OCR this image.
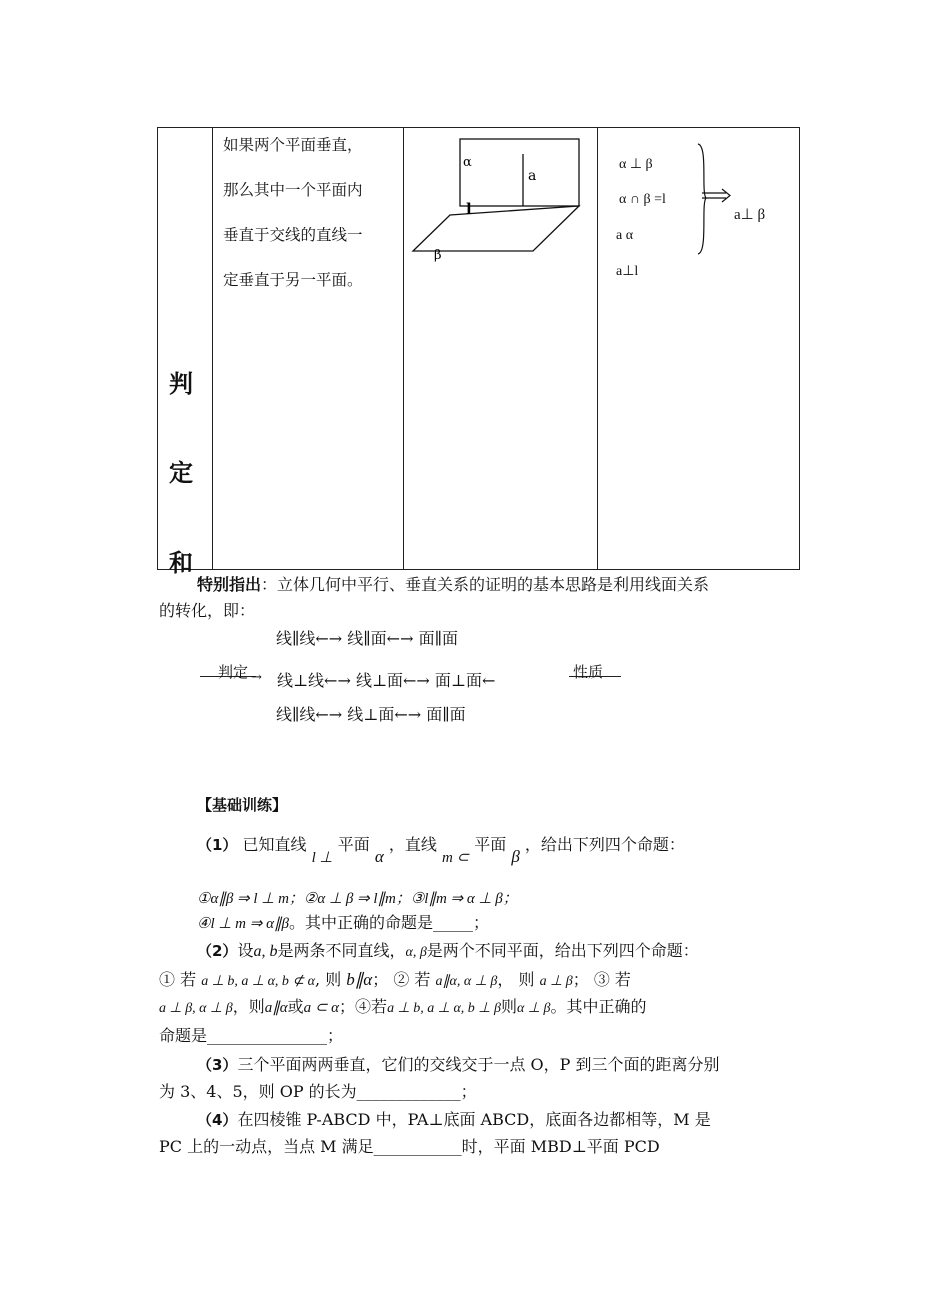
判
定
和
如果两个平面垂直，
那么其中一个平面内
垂直于交线的直线一
定垂直于另一平面。
α
a
l
β
α ⊥ β
α ∩ β =l
a α
a⊥l
a⊥ β
特别指出：立体几何中平行、垂直关系的证明的基本思路是利用线面关系
的转化，即：
线∥线←→ 线∥面←→ 面∥面
→
判定 线⊥线←→ 线⊥面←→ 面⊥面←	性质
线∥线←→ 线⊥面←→ 面∥面
【基础训练】
（1） 已知直线 l ⊥ 平面 α ，直线 m ⊂ 平面 β ，给出下列四个命题：
①α∥β ⇒ l ⊥ m；②α ⊥ β ⇒ l∥m；③l∥m ⇒ α ⊥ β；
④l ⊥ m ⇒ α∥β。其中正确的命题是_____；
（2）设a, b是两条不同直线，α, β是两个不同平面，给出下列四个命题：
① 若 a ⊥ b, a ⊥ α, b ⊄ α, 则 b∥α； ② 若 a∥α, α ⊥ β， 则 a ⊥ β； ③ 若
a ⊥ β, α ⊥ β，则a∥α或a ⊂ α；④若a ⊥ b, a ⊥ α, b ⊥ β则α ⊥ β。其中正确的
命题是_______________；
（3）三个平面两两垂直，它们的交线交于一点 O，P 到三个面的距离分别
为 3、4、5，则 OP 的长为_____________；
（4）在四棱锥 P-ABCD 中，PA⊥底面 ABCD，底面各边都相等，M 是
PC 上的一动点，当点 M 满足___________时，平面 MBD⊥平面 PCD
